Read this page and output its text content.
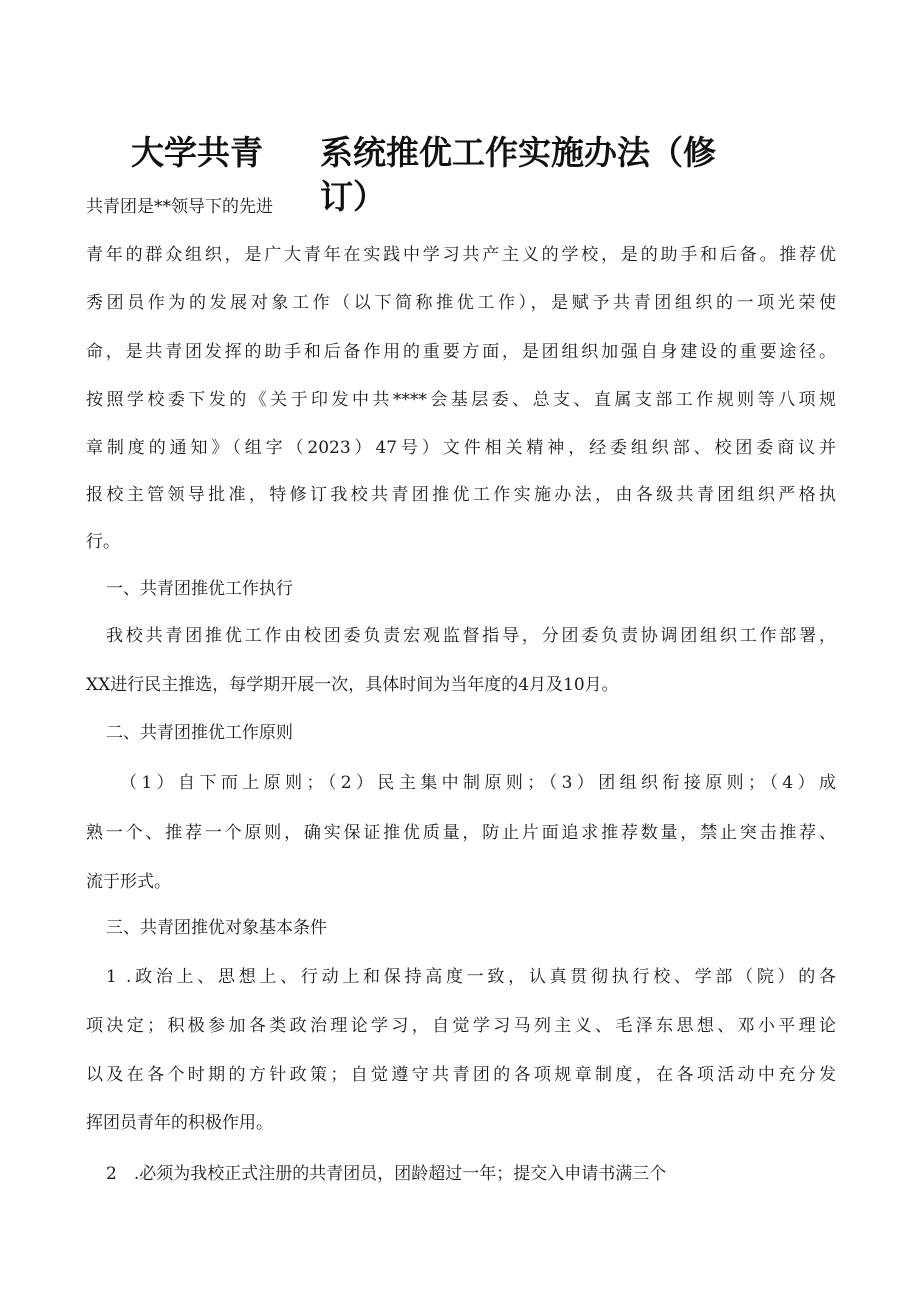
大学共青 系统推优工作实施办法（修
订）
共青团是**领导下的先进
青年的群众组织，是广大青年在实践中学习共产主义的学校，是的助手和后备。推荐优
秀团员作为的发展对象工作（以下简称推优工作），是赋予共青团组织的一项光荣使
命，是共青团发挥的助手和后备作用的重要方面，是团组织加强自身建设的重要途径。
按照学校委下发的《关于印发中共****会基层委、总支、直属支部工作规则等八项规
章制度的通知》（组字（2023）47号）文件相关精神，经委组织部、校团委商议并
报校主管领导批准，特修订我校共青团推优工作实施办法，由各级共青团组织严格执
行。
一、共青团推优工作执行
我校共青团推优工作由校团委负责宏观监督指导，分团委负责协调团组织工作部署，
XX进行民主推选，每学期开展一次，具体时间为当年度的4月及10月。
二、共青团推优工作原则
（1）自下而上原则；（2）民主集中制原则；（3）团组织衔接原则；（4）成
熟一个、推荐一个原则，确实保证推优质量，防止片面追求推荐数量，禁止突击推荐、
流于形式。
三、共青团推优对象基本条件
1 .政治上、思想上、行动上和保持高度一致，认真贯彻执行校、学部（院）的各
项决定；积极参加各类政治理论学习，自觉学习马列主义、毛泽东思想、邓小平理论
以及在各个时期的方针政策；自觉遵守共青团的各项规章制度，在各项活动中充分发
挥团员青年的积极作用。
2　.必须为我校正式注册的共青团员，团龄超过一年；提交入申请书满三个
